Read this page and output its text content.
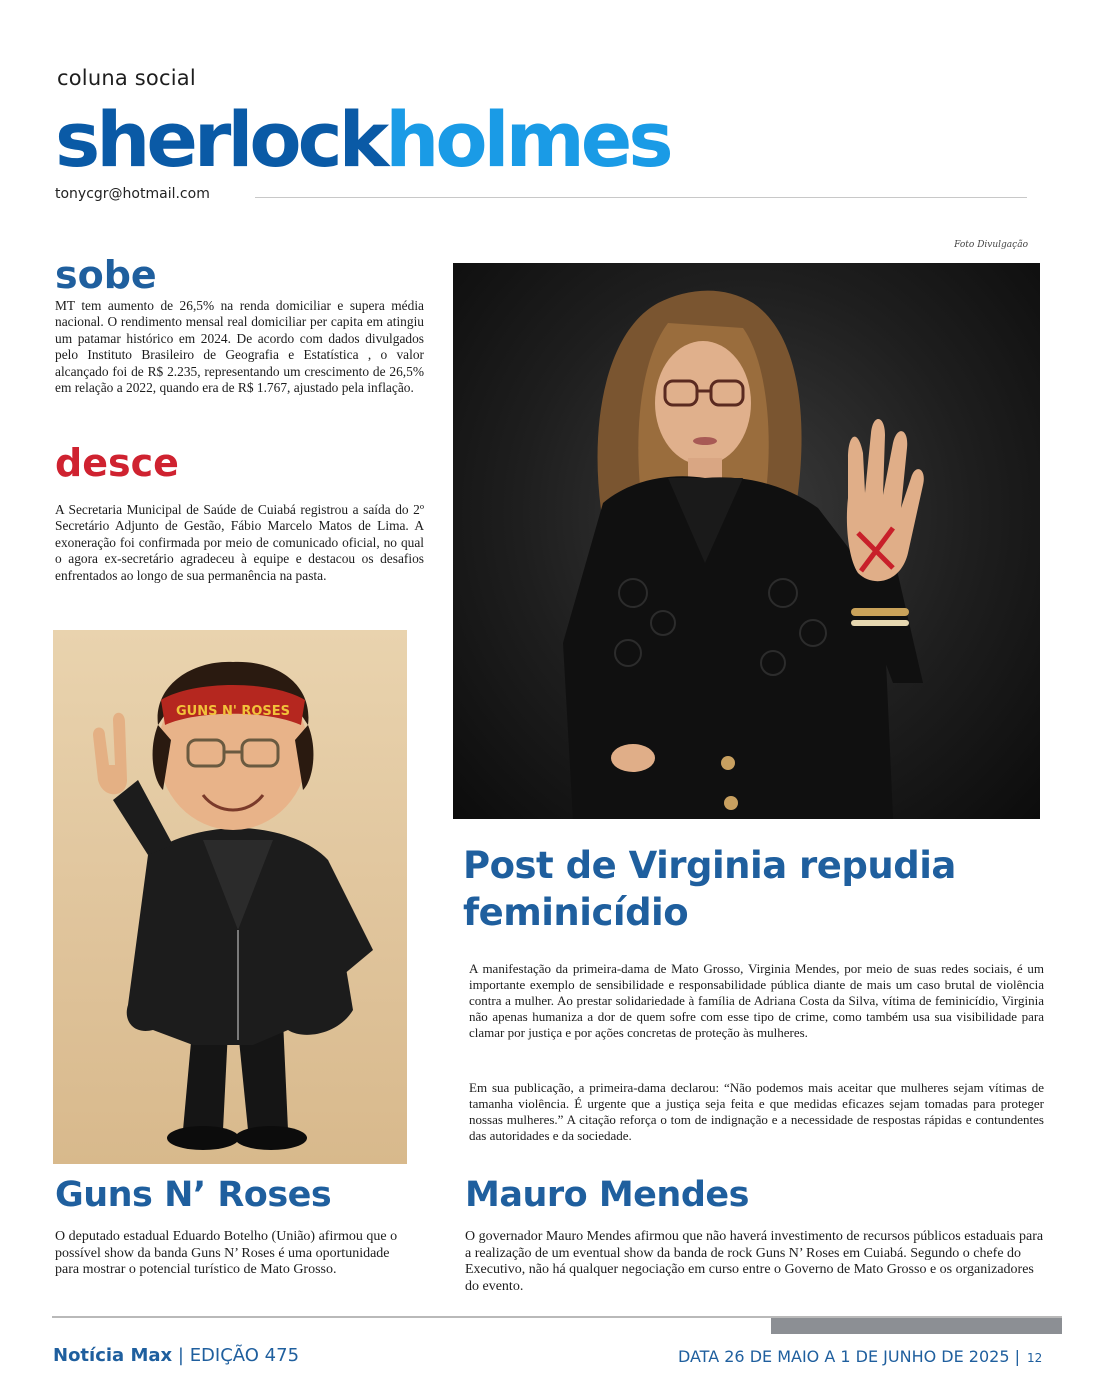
coluna social
sherlockholmes
tonycgr@hotmail.com
Foto Divulgação
sobe
MT tem aumento de 26,5% na renda domiciliar e supera média nacional. O rendimento mensal real domiciliar per capita em atingiu um patamar histórico em 2024. De acordo com dados divulgados pelo Instituto Brasileiro de Geografia e Estatística , o valor alcançado foi de R$ 2.235, representando um crescimento de 26,5% em relação a 2022, quando era de R$ 1.767, ajustado pela inflação.
desce
A Secretaria Municipal de Saúde de Cuiabá registrou a saída do 2º Secretário Adjunto de Gestão, Fábio Marcelo Matos de Lima. A exoneração foi confirmada por meio de comunicado oficial, no qual o agora ex-secretário agradeceu à equipe e destacou os desafios enfrentados ao longo de sua permanência na pasta.
GUNS N' ROSES
Post de Virginia repudia feminicídio
A manifestação da primeira-dama de Mato Grosso, Virginia Mendes, por meio de suas redes sociais, é um importante exemplo de sensibilidade e responsabilidade pública diante de mais um caso brutal de violência contra a mulher. Ao prestar solidariedade à família de Adriana Costa da Silva, vítima de feminicídio, Virginia não apenas humaniza a dor de quem sofre com esse tipo de crime, como também usa sua visibilidade para clamar por justiça e por ações concretas de proteção às mulheres.
Em sua publicação, a primeira-dama declarou: “Não podemos mais aceitar que mulheres sejam vítimas de tamanha violência. É urgente que a justiça seja feita e que medidas eficazes sejam tomadas para proteger nossas mulheres.” A citação reforça o tom de indignação e a necessidade de respostas rápidas e contundentes das autoridades e da sociedade.
Guns N’ Roses
O deputado estadual Eduardo Botelho (União) afirmou que o possível show da banda Guns N’ Roses é uma oportunidade para mostrar o potencial turístico de Mato Grosso.
Mauro Mendes
O governador Mauro Mendes afirmou que não haverá investimento de recursos públicos estaduais para a realização de um eventual show da banda de rock Guns N’ Roses em Cuiabá. Segundo o chefe do Executivo, não há qualquer negociação em curso entre o Governo de Mato Grosso e os organizadores do evento.
Notícia Max | EDIÇÃO 475	DATA 26 DE MAIO A 1 DE JUNHO DE 2025 | 12
